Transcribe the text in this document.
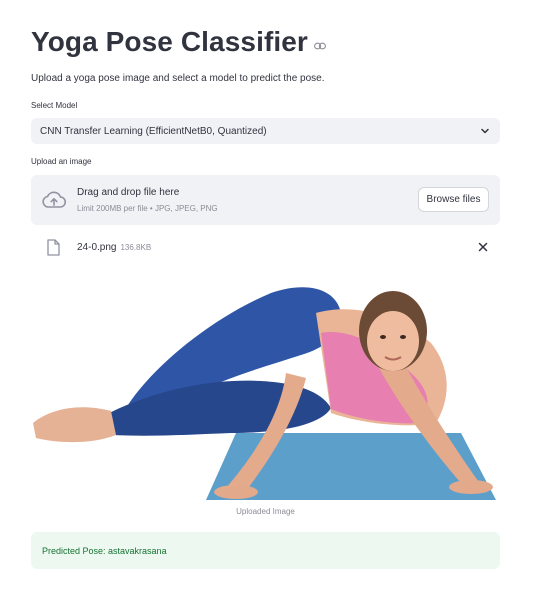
Yoga Pose Classifier

Upload a yoga pose image and select a model to predict the pose.

Select Model
CNN Transfer Learning (EfficientNetB0, Quantized)
Upload an image
Drag and drop file here
Limit 200MB per file • JPG, JPEG, PNG
Browse files
24-0.png 136.8KB
Uploaded Image
Predicted Pose: astavakrasana
